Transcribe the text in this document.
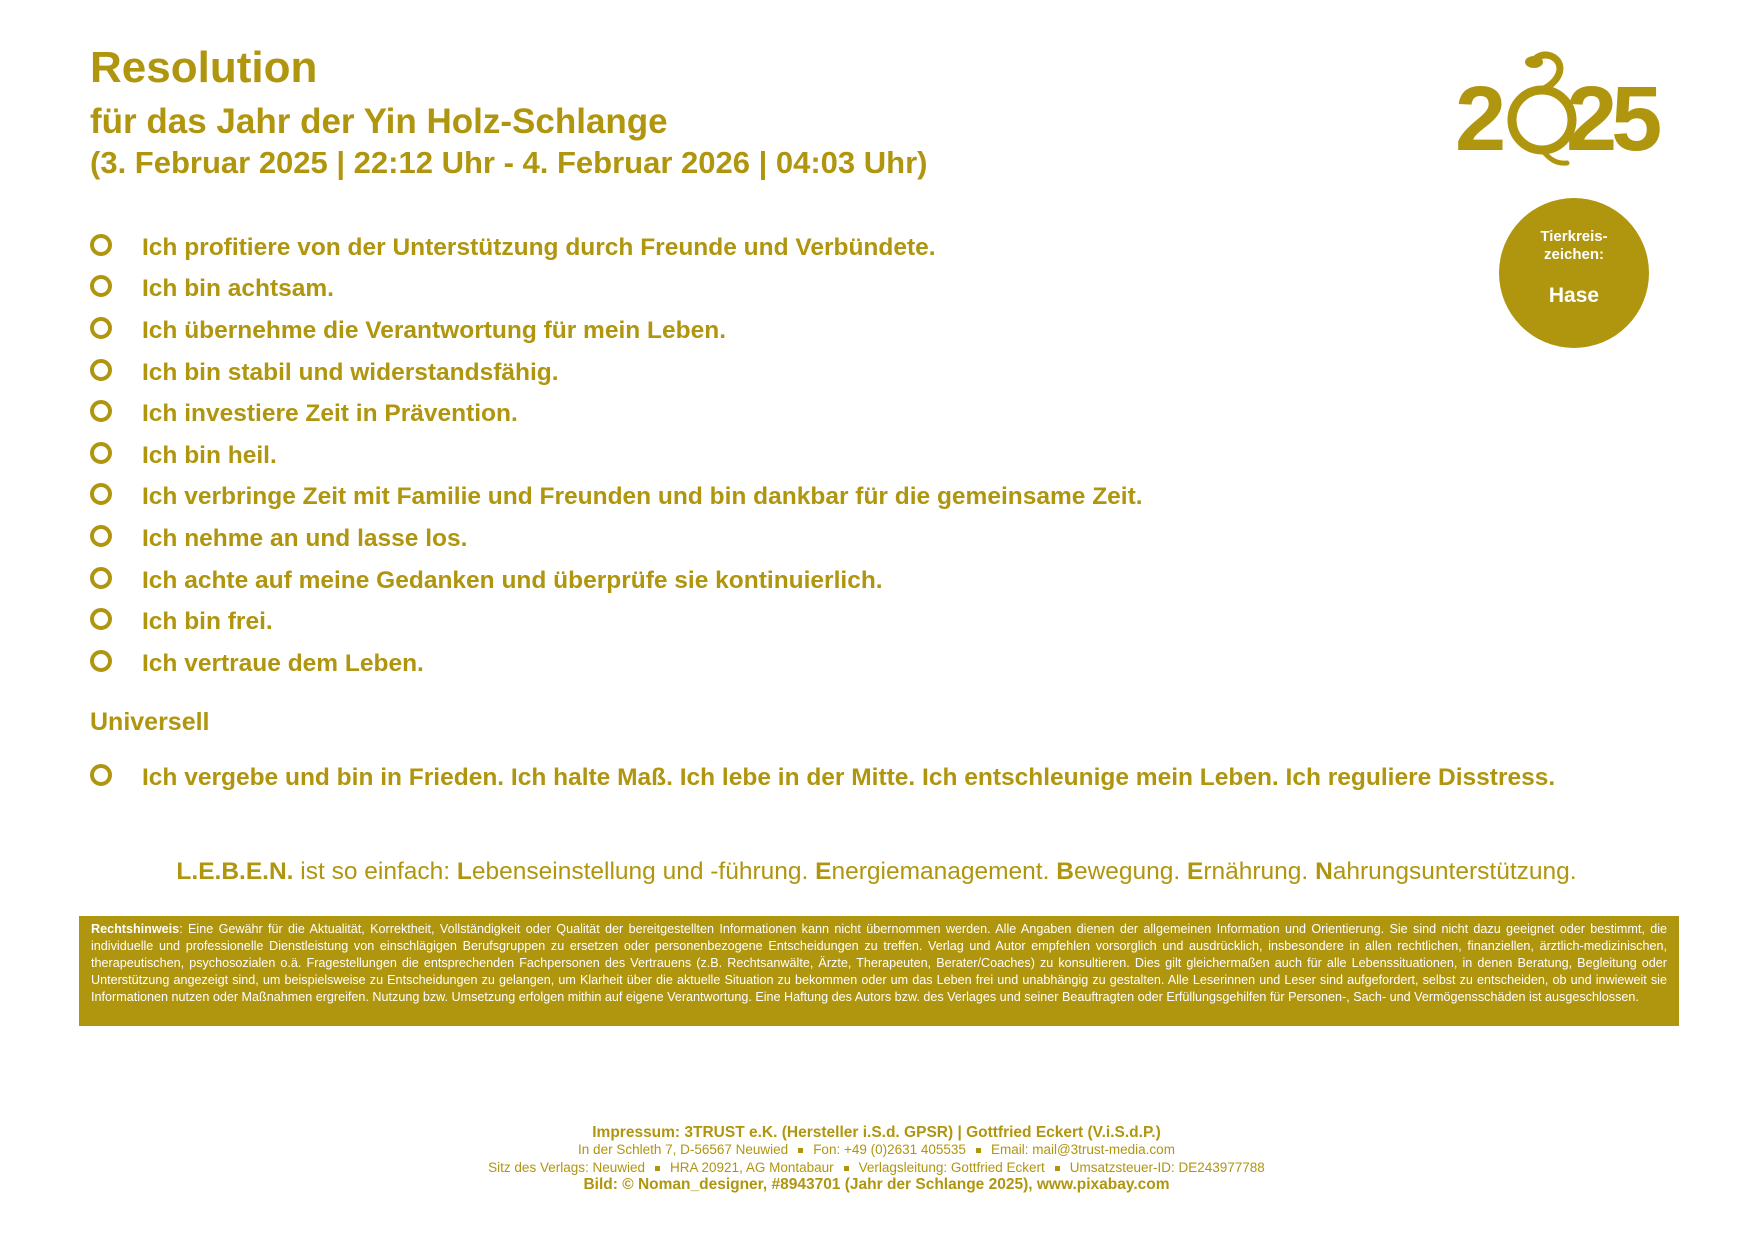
Resolution
für das Jahr der Yin Holz-Schlange
(3. Februar 2025 | 22:12 Uhr - 4. Februar 2026 | 04:03 Uhr)	2 25
Tierkreis-
zeichen:
Hase
Ich profitiere von der Unterstützung durch Freunde und Verbündete.
Ich bin achtsam.
Ich übernehme die Verantwortung für mein Leben.
Ich bin stabil und widerstandsfähig.
Ich investiere Zeit in Prävention.
Ich bin heil.
Ich verbringe Zeit mit Familie und Freunden und bin dankbar für die gemeinsame Zeit.
Ich nehme an und lasse los.
Ich achte auf meine Gedanken und überprüfe sie kontinuierlich.
Ich bin frei.
Ich vertraue dem Leben.
Universell
Ich vergebe und bin in Frieden. Ich halte Maß. Ich lebe in der Mitte. Ich entschleunige mein Leben. Ich reguliere Disstress.
L.E.B.E.N. ist so einfach: Lebenseinstellung und -führung. Energiemanagement. Bewegung. Ernährung. Nahrungsunterstützung.
Rechtshinweis: Eine Gewähr für die Aktualität, Korrektheit, Vollständigkeit oder Qualität der bereitgestellten Informationen kann nicht übernommen werden. Alle Angaben dienen der allgemeinen Information und Orientierung. Sie sind nicht dazu geeignet oder bestimmt, die individuelle und professionelle Dienstleistung von einschlägigen Berufsgruppen zu ersetzen oder personenbezogene Entscheidungen zu treffen. Verlag und Autor empfehlen vorsorglich und ausdrücklich, insbesondere in allen rechtlichen, finanziellen, ärztlich-medizinischen, therapeutischen, psychosozialen o.ä. Fragestellungen die entsprechenden Fachpersonen des Vertrauens (z.B. Rechtsanwälte, Ärzte, Therapeuten, Berater/Coaches) zu konsultieren. Dies gilt gleichermaßen auch für alle Lebenssituationen, in denen Beratung, Begleitung oder Unterstützung angezeigt sind, um beispielsweise zu Entscheidungen zu gelangen, um Klarheit über die aktuelle Situation zu bekommen oder um das Leben frei und unabhängig zu gestalten. Alle Leserinnen und Leser sind aufgefordert, selbst zu entscheiden, ob und inwieweit sie Informationen nutzen oder Maßnahmen ergreifen. Nutzung bzw. Umsetzung erfolgen mithin auf eigene Verantwortung. Eine Haftung des Autors bzw. des Verlages und seiner Beauftragten oder Erfüllungsgehilfen für Personen-, Sach- und Vermögensschäden ist ausgeschlossen.
Impressum: 3TRUST e.K. (Hersteller i.S.d. GPSR) | Gottfried Eckert (V.i.S.d.P.)
In der Schleth 7, D-56567 Neuwied Fon: +49 (0)2631 405535 Email: mail@3trust-media.com
Sitz des Verlags: Neuwied HRA 20921, AG Montabaur Verlagsleitung: Gottfried Eckert Umsatzsteuer-ID: DE243977788
Bild: © Noman_designer, #8943701 (Jahr der Schlange 2025), www.pixabay.com
